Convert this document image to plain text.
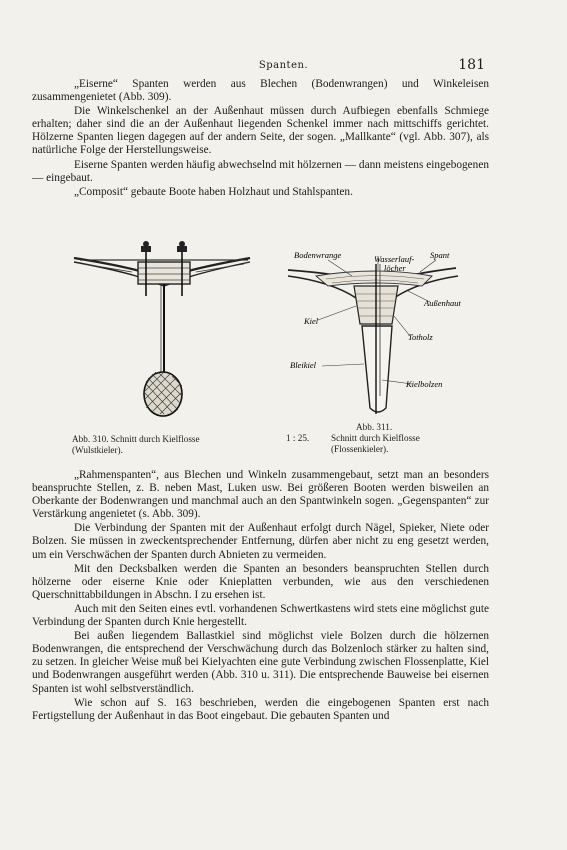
Spanten.	181

„Eiserne“ Spanten werden aus Blechen (Bodenwrangen) und Winkeleisen zusammengenietet (Abb. 309).

Die Winkelschenkel an der Außenhaut müssen durch Aufbiegen ebenfalls Schmiege erhalten; daher sind die an der Außenhaut liegenden Schenkel immer nach mittschiffs gerichtet. Hölzerne Spanten liegen dagegen auf der andern Seite, der sogen. „Mallkante“ (vgl. Abb. 307), als natürliche Folge der Herstellungsweise.

Eiserne Spanten werden häufig abwechselnd mit hölzernen — dann meistens eingebogenen — eingebaut.

„Composit“ gebaute Boote haben Holzhaut und Stahlspanten.

Abb. 310. Schnitt durch Kielflosse (Wulstkieler).
Bodenwrange	Wasserlauf-
löcher
Spant
Außenhaut
Kiel
Totholz
Bleikiel
Kielbolzen
Abb. 311.
1 : 25. Schnitt durch Kielflosse (Flossenkieler).

„Rahmenspanten“, aus Blechen und Winkeln zusammengebaut, setzt man an besonders beanspruchte Stellen, z. B. neben Mast, Luken usw. Bei größeren Booten werden bisweilen an Oberkante der Bodenwrangen und manchmal auch an den Spantwinkeln sogen. „Gegenspanten“ zur Verstärkung angenietet (s. Abb. 309).

Die Verbindung der Spanten mit der Außenhaut erfolgt durch Nägel, Spieker, Niete oder Bolzen. Sie müssen in zweckentsprechender Entfernung, dürfen aber nicht zu eng gesetzt werden, um ein Verschwächen der Spanten durch Abnieten zu vermeiden.

Mit den Decksbalken werden die Spanten an besonders beanspruchten Stellen durch hölzerne oder eiserne Knie oder Knieplatten verbunden, wie aus den verschiedenen Querschnittabbildungen in Abschn. I zu ersehen ist.

Auch mit den Seiten eines evtl. vorhandenen Schwertkastens wird stets eine möglichst gute Verbindung der Spanten durch Knie hergestellt.

Bei außen liegendem Ballastkiel sind möglichst viele Bolzen durch die hölzernen Bodenwrangen, die entsprechend der Verschwächung durch das Bolzenloch stärker zu halten sind, zu setzen. In gleicher Weise muß bei Kielyachten eine gute Verbindung zwischen Flossenplatte, Kiel und Bodenwrangen ausgeführt werden (Abb. 310 u. 311). Die entsprechende Bauweise bei eisernen Spanten ist wohl selbstverständlich.

Wie schon auf S. 163 beschrieben, werden die eingebogenen Spanten erst nach Fertigstellung der Außenhaut in das Boot eingebaut. Die gebauten Spanten und
